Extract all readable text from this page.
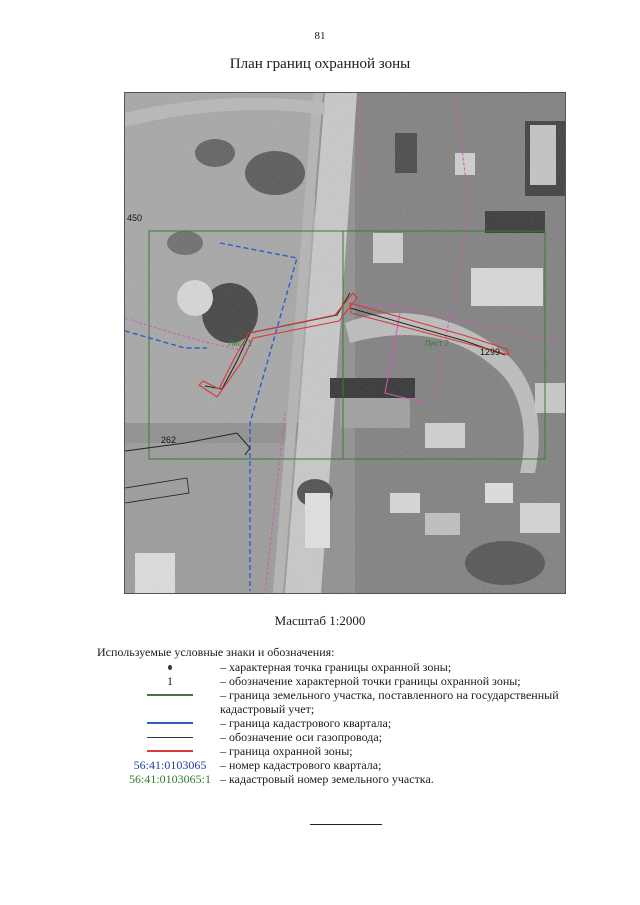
81
План границ охранной зоны
450
262
1299
Лист 1	Лист 2
Масштаб 1:2000
Используемые условные знаки и обозначения:
– характерная точка границы охранной зоны;
1	– обозначение характерной точки границы охранной зоны;
– граница земельного участка, поставленного на государственный кадастровый учет;
– граница кадастрового квартала;
– обозначение оси газопровода;
– граница охранной зоны;
56:41:0103065	– номер кадастрового квартала;
56:41:0103065:1 – кадастровый номер земельного участка.
